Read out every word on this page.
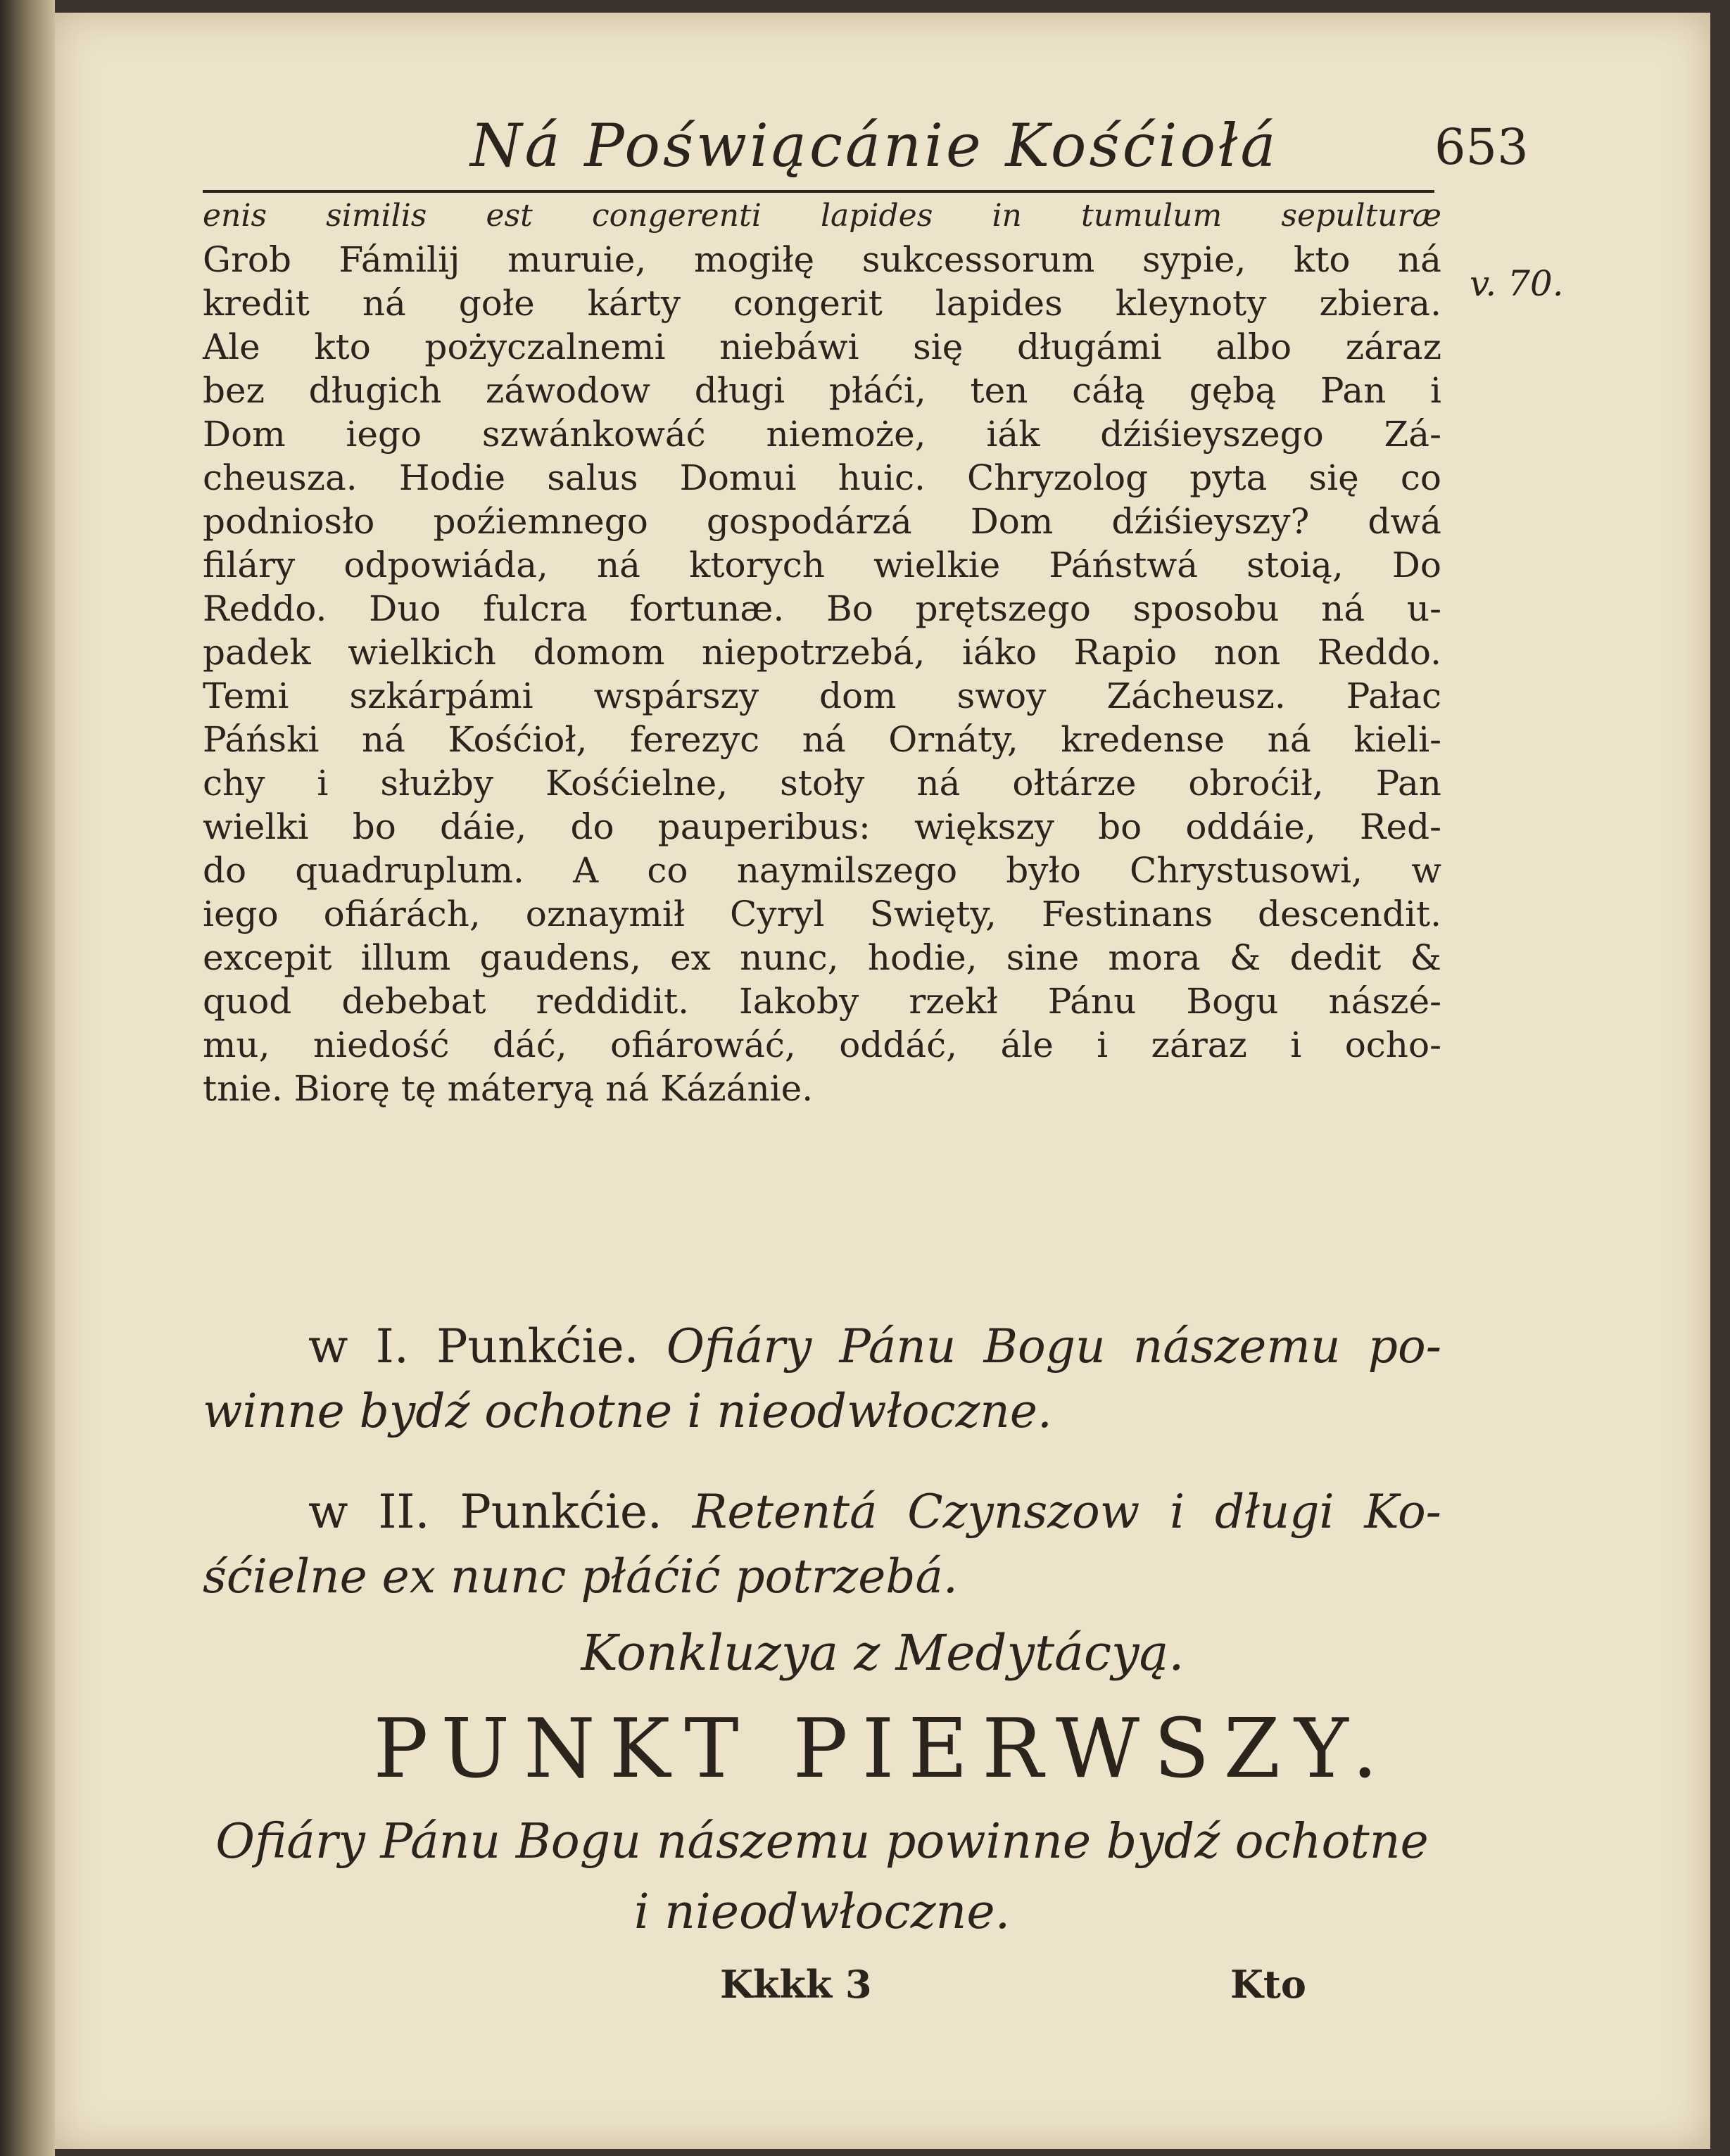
Ná Poświącánie Kośćiołá	653
v. 70.
enis similis est congerenti lapides in tumulum sepulturæ
Grob Fámilij muruie, mogiłę sukcessorum sypie, kto ná
kredit ná gołe kárty congerit lapides kleynoty zbiera.
Ale kto pożyczalnemi niebáwi się długámi albo záraz
bez długich záwodow długi płáći, ten cáłą gębą Pan i
Dom iego szwánkowáć niemoże, iák dźiśieyszego Zá-
cheusza. Hodie salus Domui huic. Chryzolog pyta się co
podniosło poźiemnego gospodárzá Dom dźiśieyszy? dwá
filáry odpowiáda, ná ktorych wielkie Páństwá stoią, Do
Reddo. Duo fulcra fortunæ. Bo prętszego sposobu ná u-
padek wielkich domom niepotrzebá, iáko Rapio non Reddo.
Temi szkárpámi wspárszy dom swoy Zácheusz. Pałac
Páński ná Kośćioł, ferezyc ná Ornáty, kredense ná kieli-
chy i służby Kośćielne, stoły ná ołtárze obroćił, Pan
wielki bo dáie, do pauperibus: większy bo oddáie, Red-
do quadruplum. A co naymilszego było Chrystusowi, w
iego ofiárách, oznaymił Cyryl Swięty, Festinans descendit.
excepit illum gaudens, ex nunc, hodie, sine mora & dedit &
quod debebat reddidit. Iakoby rzekł Pánu Bogu nászé-
mu, niedość dáć, ofiárowáć, oddáć, ále i záraz i ocho-
tnie. Biorę tę máteryą ná Kázánie.
w I. Punkćie. Ofiáry Pánu Bogu nászemu po-winne bydź ochotne i nieodwłoczne.
w II. Punkćie. Retentá Czynszow i długi Ko-śćielne ex nunc płáćić potrzebá.
Konkluzya z Medytácyą.
PUNKT PIERWSZY.
Ofiáry Pánu Bogu nászemu powinne bydź ochotne i nieodwłoczne.
Kkkk 3	Kto
